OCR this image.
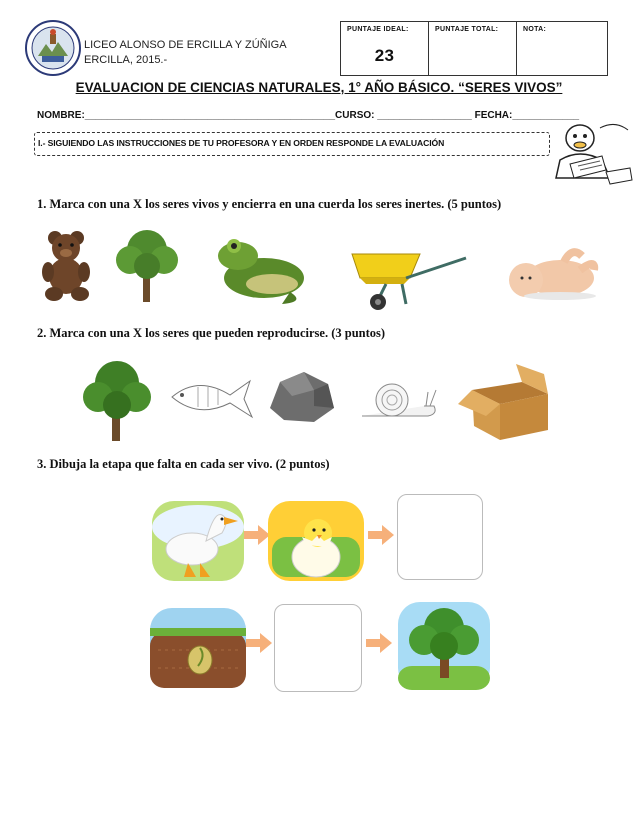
LICEO ALONSO DE ERCILLA Y ZÚÑIGA
ERCILLA, 2015.-
PUNTAJE IDEAL:
23
PUNTAJE TOTAL:	NOTA:
EVALUACION DE CIENCIAS NATURALES, 1° AÑO BÁSICO. “SERES VIVOS”
NOMBRE:_____________________________________________CURSO: _________________ FECHA:____________
I.- SIGUIENDO LAS INSTRUCCIONES DE TU PROFESORA Y EN ORDEN RESPONDE LA EVALUACIÓN
1. Marca con una X los seres vivos y encierra en una cuerda los seres inertes. (5 puntos)
2. Marca con una X los seres que pueden reproducirse. (3 puntos)
3. Dibuja la etapa que falta en cada ser vivo. (2 puntos)
